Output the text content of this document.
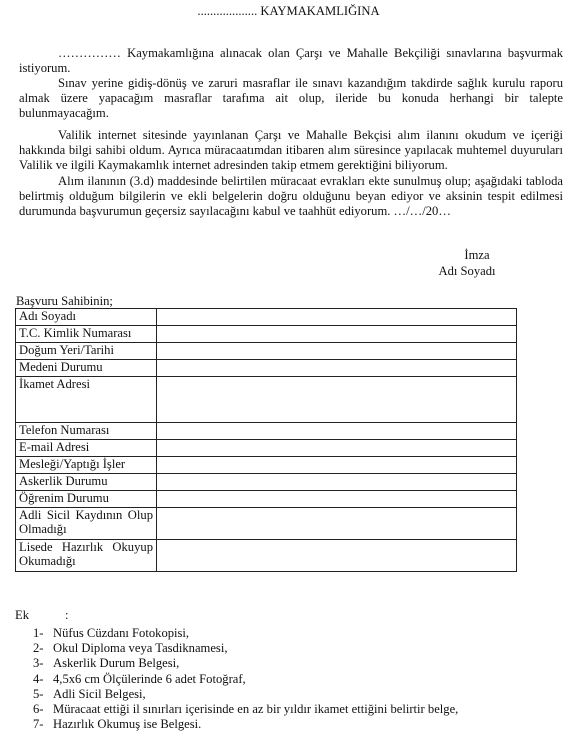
................... KAYMAKAMLIĞINA

…………… Kaymakamlığına alınacak olan Çarşı ve Mahalle Bekçiliği sınavlarına başvurmak istiyorum.

Sınav yerine gidiş-dönüş ve zaruri masraflar ile sınavı kazandığım takdirde sağlık kurulu raporu almak üzere yapacağım masraflar tarafıma ait olup, ileride bu konuda herhangi bir talepte bulunmayacağım.

Valilik internet sitesinde yayınlanan Çarşı ve Mahalle Bekçisi alım ilanını okudum ve içeriği hakkında bilgi sahibi oldum. Ayrıca müracaatımdan itibaren alım süresince yapılacak muhtemel duyuruları Valilik ve ilgili Kaymakamlık internet adresinden takip etmem gerektiğini biliyorum.

Alım ilanının (3.d) maddesinde belirtilen müracaat evrakları ekte sunulmuş olup; aşağıdaki tabloda belirtmiş olduğum bilgilerin ve ekli belgelerin doğru olduğunu beyan ediyor ve aksinin tespit edilmesi durumunda başvurumun geçersiz sayılacağını kabul ve taahhüt ediyorum. …/…/20…

İmza
Adı Soyadı
Başvuru Sahibinin;
Adı Soyadı	
T.C. Kimlik Numarası	
Doğum Yeri/Tarihi	
Medeni Durumu	
İkamet Adresi	
Telefon Numarası	
E-mail Adresi	
Mesleği/Yaptığı İşler	
Askerlik Durumu	
Öğrenim Durumu	
Adli Sicil Kaydının Olup Olmadığı	
Lisede Hazırlık Okuyup Okumadığı	
Ek	:
1- Nüfus Cüzdanı Fotokopisi,
2- Okul Diploma veya Tasdiknamesi,
3- Askerlik Durum Belgesi,
4- 4,5x6 cm Ölçülerinde 6 adet Fotoğraf,
5- Adli Sicil Belgesi,
6- Müracaat ettiği il sınırları içerisinde en az bir yıldır ikamet ettiğini belirtir belge,
7- Hazırlık Okumuş ise Belgesi.
